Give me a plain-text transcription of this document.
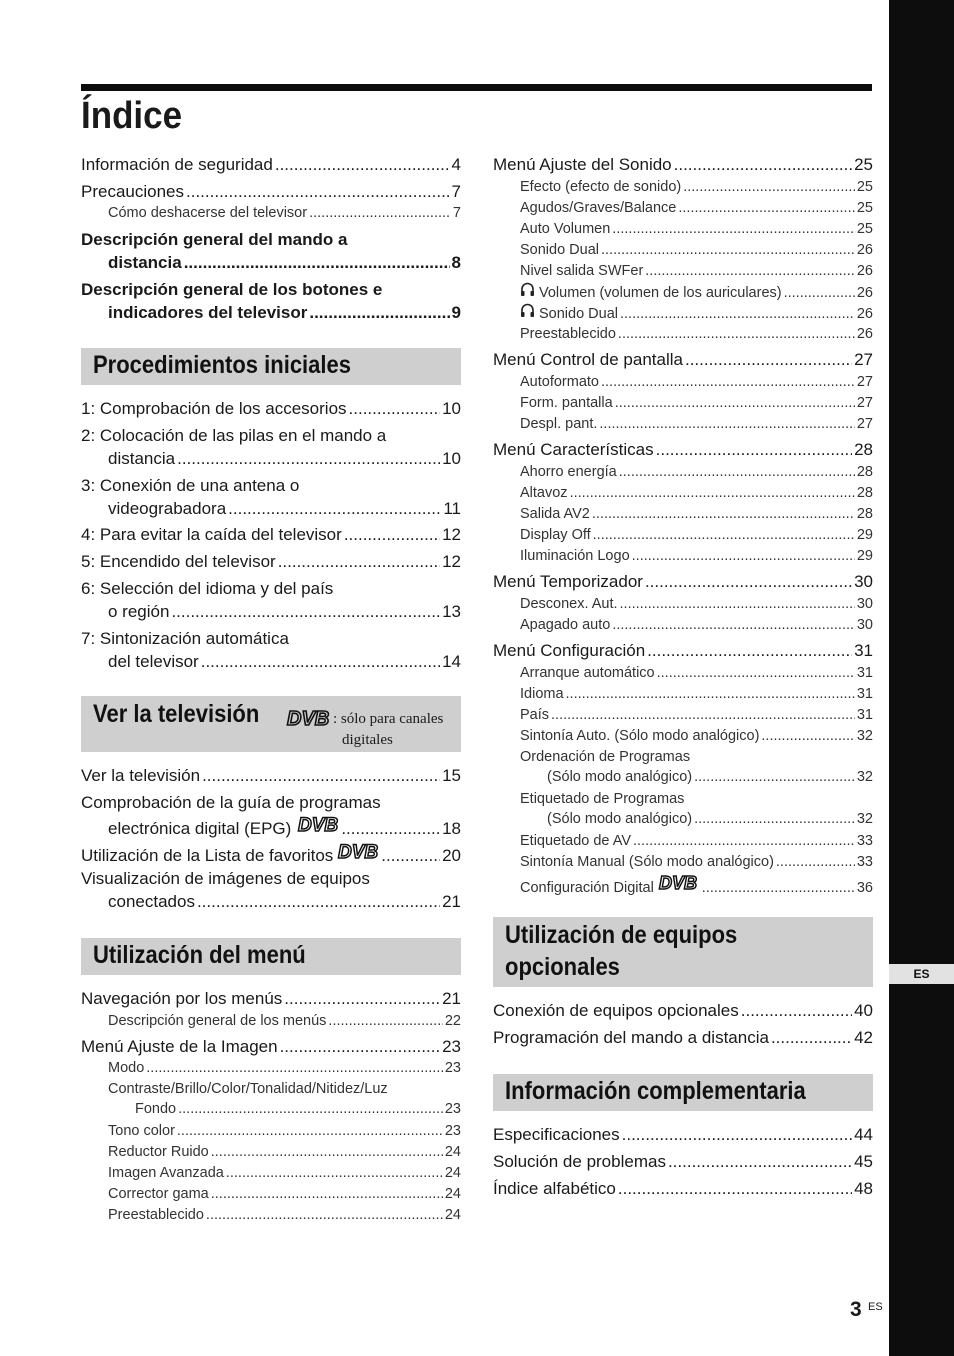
ES
Índice
Información de seguridad .....	4
Precauciones .....	7
Cómo deshacerse del televisor .....	7
Descripción general del mando a
distancia .....	8
Descripción general de los botones e
indicadores del televisor .....	9
Procedimientos iniciales
1: Comprobación de los accesorios .....	10
2: Colocación de las pilas en el mando a
distancia .....	10
3: Conexión de una antena o
videograbadora .....	11
4: Para evitar la caída del televisor .....	12
5: Encendido del televisor .....	12
6: Selección del idioma y del país
o región .....	13
7: Sintonización automática
del televisor .....	14
Ver la televisión DVB : sólo para canales
digitales
Ver la televisión .....	15
Comprobación de la guía de programas
electrónica digital (EPG) DVB .....	18
Utilización de la Lista de favoritos DVB .....	20
Visualización de imágenes de equipos
conectados .....	21
Utilización del menú
Navegación por los menús .....	21
Descripción general de los menús .....	22
Menú Ajuste de la Imagen .....	23
Modo .....	23
Contraste/Brillo/Color/Tonalidad/Nitidez/Luz
Fondo .....	23
Tono color .....	23
Reductor Ruido .....	24
Imagen Avanzada .....	24
Corrector gama .....	24
Preestablecido .....	24
Menú Ajuste del Sonido .....	25
Efecto (efecto de sonido) .....	25
Agudos/Graves/Balance .....	25
Auto Volumen .....	25
Sonido Dual .....	26
Nivel salida SWFer .....	26
Volumen (volumen de los auriculares) .....	26
Sonido Dual .....	26
Preestablecido .....	26
Menú Control de pantalla .....	27
Autoformato .....	27
Form. pantalla .....	27
Despl. pant. .....	27
Menú Características .....	28
Ahorro energía .....	28
Altavoz .....	28
Salida AV2 .....	28
Display Off .....	29
Iluminación Logo .....	29
Menú Temporizador .....	30
Desconex. Aut. .....	30
Apagado auto .....	30
Menú Configuración .....	31
Arranque automático .....	31
Idioma .....	31
País .....	31
Sintonía Auto. (Sólo modo analógico) .....	32
Ordenación de Programas
(Sólo modo analógico) .....	32
Etiquetado de Programas
(Sólo modo analógico) .....	32
Etiquetado de AV .....	33
Sintonía Manual (Sólo modo analógico) .....	33
Configuración Digital DVB .....	36
Utilización de equipos
opcionales
Conexión de equipos opcionales .....	40
Programación del mando a distancia .....	42
Información complementaria
Especificaciones .....	44
Solución de problemas .....	45
Índice alfabético .....	48
3 ES
